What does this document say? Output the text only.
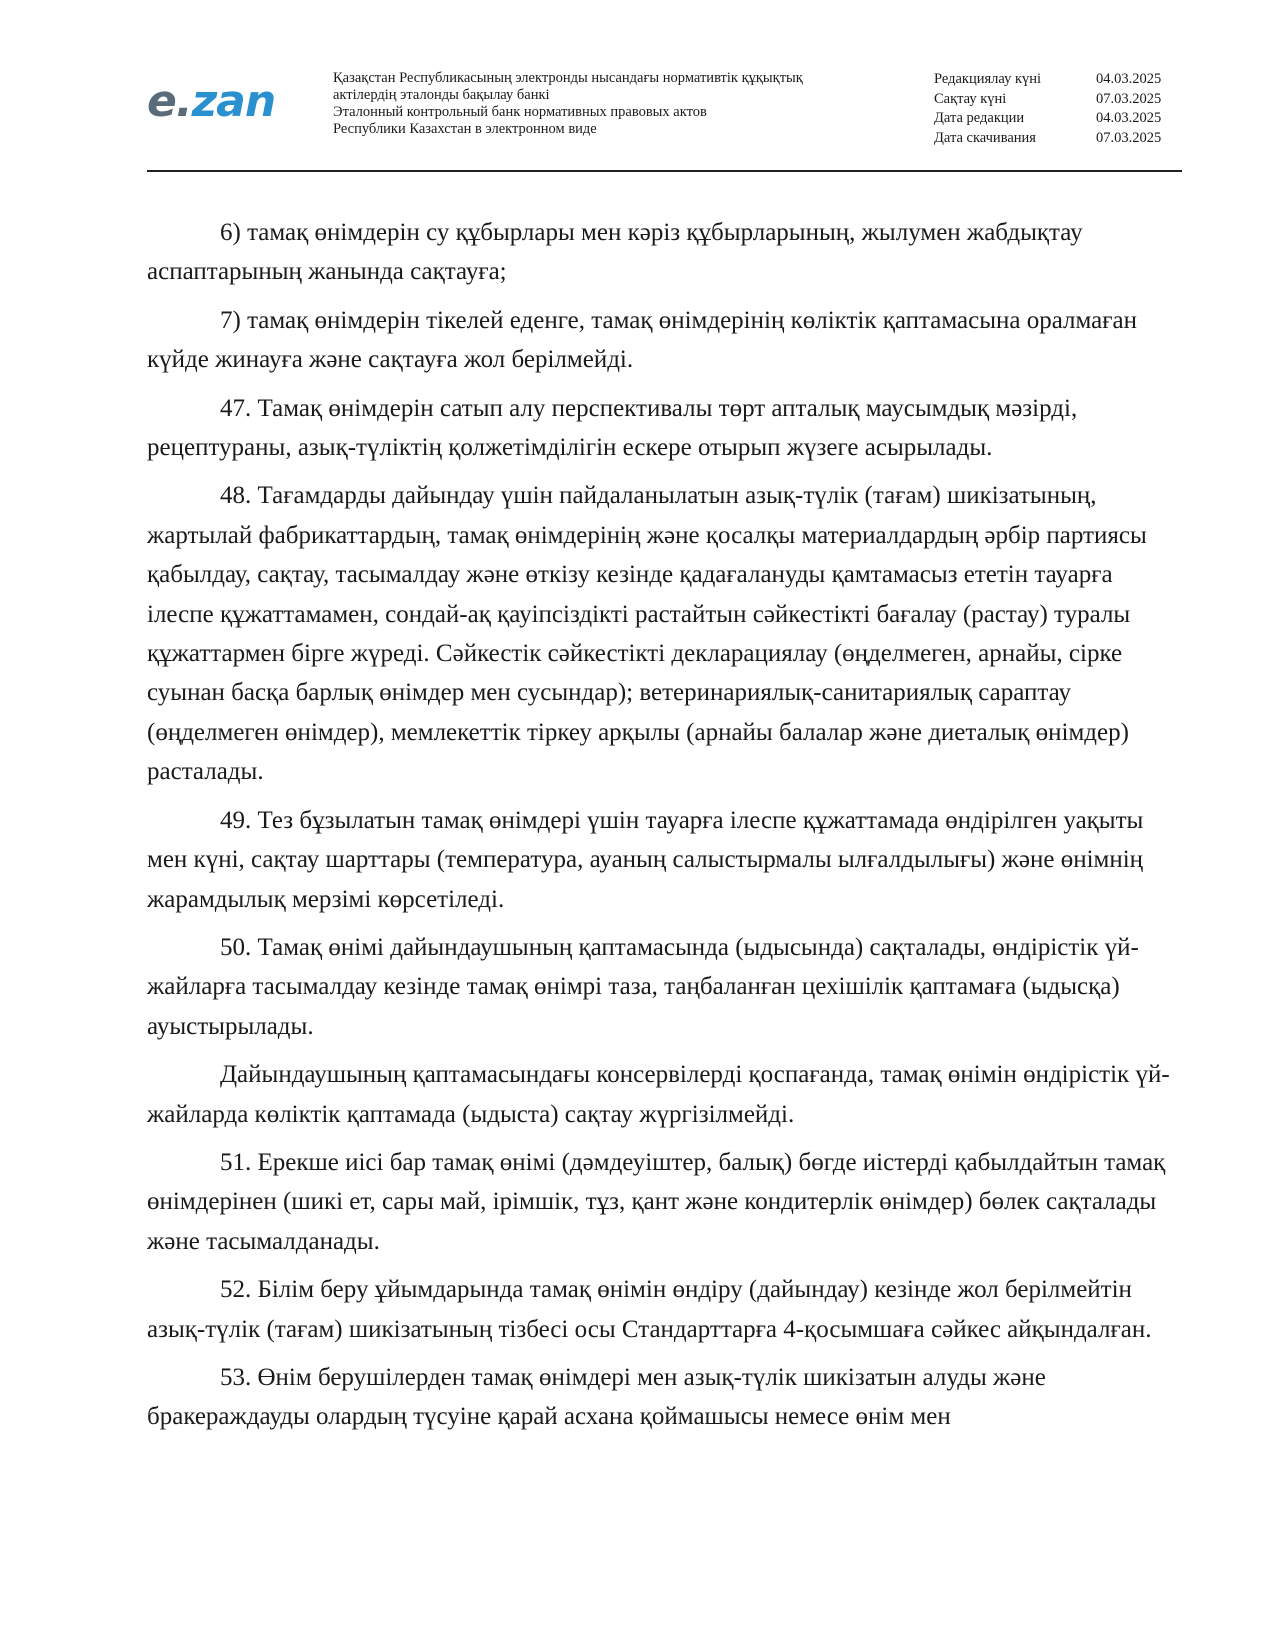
e.zan	Қазақстан Республикасының электронды нысандағы нормативтік құқықтық
актілердің эталонды бақылау банкі
Эталонный контрольный банк нормативных правовых актов
Республики Казахстан в электронном виде
Редакциялау күні	04.03.2025
Сақтау күні	07.03.2025
Дата редакции	04.03.2025
Дата скачивания	07.03.2025

6) тамақ өнімдерін су құбырлары мен кәріз құбырларының, жылумен жабдықтау аспаптарының жанында сақтауға;

7) тамақ өнімдерін тікелей еденге, тамақ өнімдерінің көліктік қаптамасына оралмаған күйде жинауға және сақтауға жол берілмейді.

47. Тамақ өнімдерін сатып алу перспективалы төрт апталық маусымдық мәзірді, рецептураны, азық-түліктің қолжетімділігін ескере отырып жүзеге асырылады.

48. Тағамдарды дайындау үшін пайдаланылатын азық-түлік (тағам) шикізатының, жартылай фабрикаттардың, тамақ өнімдерінің және қосалқы материалдардың әрбір партиясы қабылдау, сақтау, тасымалдау және өткізу кезінде қадағалануды қамтамасыз ететін тауарға ілеспе құжаттамамен, сондай-ақ қауіпсіздікті растайтын сәйкестікті бағалау (растау) туралы құжаттармен бірге жүреді. Сәйкестік сәйкестікті декларациялау (өңделмеген, арнайы, сірке суынан басқа барлық өнімдер мен сусындар); ветеринариялық-санитариялық сараптау (өңделмеген өнімдер), мемлекеттік тіркеу арқылы (арнайы балалар және диеталық өнімдер) расталады.

49. Тез бұзылатын тамақ өнімдері үшін тауарға ілеспе құжаттамада өндірілген уақыты мен күні, сақтау шарттары (температура, ауаның салыстырмалы ылғалдылығы) және өнімнің жарамдылық мерзімі көрсетіледі.

50. Тамақ өнімі дайындаушының қаптамасында (ыдысында) сақталады, өндірістік үй-жайларға тасымалдау кезінде тамақ өнімрі таза, таңбаланған цехішілік қаптамаға (ыдысқа) ауыстырылады.

Дайындаушының қаптамасындағы консервілерді қоспағанда, тамақ өнімін өндірістік үй-жайларда көліктік қаптамада (ыдыста) сақтау жүргізілмейді.

51. Ерекше иісі бар тамақ өнімі (дәмдеуіштер, балық) бөгде иістерді қабылдайтын тамақ өнімдерінен (шикі ет, сары май, ірімшік, тұз, қант және кондитерлік өнімдер) бөлек сақталады және тасымалданады.

52. Білім беру ұйымдарында тамақ өнімін өндіру (дайындау) кезінде жол берілмейтін азық-түлік (тағам) шикізатының тізбесі осы Стандарттарға 4-қосымшаға сәйкес айқындалған.

53. Өнім берушілерден тамақ өнімдері мен азық-түлік шикізатын алуды және бракераждауды олардың түсуіне қарай асхана қоймашысы немесе өнім мен
